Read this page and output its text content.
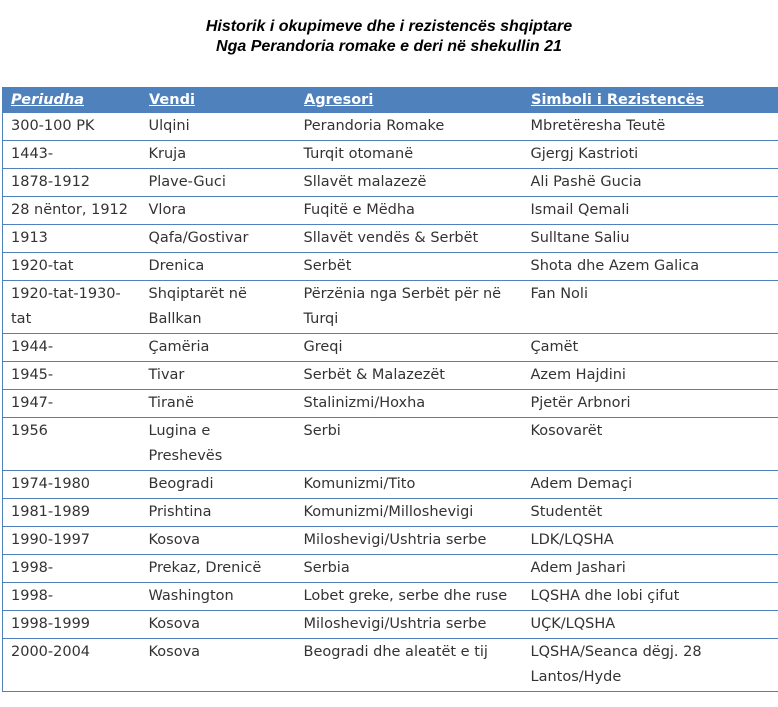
Historik i okupimeve dhe i rezistencës shqiptare
Nga Perandoria romake e deri në shekullin 21
Periudha	Vendi	Agresori	Simboli i Rezistencës
300-100 PK	Ulqini	Perandoria Romake	Mbretëresha Teutë
1443-	Kruja	Turqit otomanë	Gjergj Kastrioti
1878-1912	Plave-Guci	Sllavët malazezë	Ali Pashë Gucia
28 nëntor, 1912	Vlora	Fuqitë e Mëdha	Ismail Qemali
1913	Qafa/Gostivar	Sllavët vendës & Serbët	Sulltane Saliu
1920-tat	Drenica	Serbët	Shota dhe Azem Galica
1920-tat-1930-tat	Shqiptarët në Ballkan	Përzënia nga Serbët për në Turqi	Fan Noli
1944-	Çamëria	Greqi	Çamët
1945-	Tivar	Serbët & Malazezët	Azem Hajdini
1947-	Tiranë	Stalinizmi/Hoxha	Pjetër Arbnori
1956	Lugina e Preshevës	Serbi	Kosovarët
1974-1980	Beogradi	Komunizmi/Tito	Adem Demaçi
1981-1989	Prishtina	Komunizmi/Milloshevigi	Studentët
1990-1997	Kosova	Miloshevigi/Ushtria serbe	LDK/LQSHA
1998-	Prekaz, Drenicë	Serbia	Adem Jashari
1998-	Washington	Lobet greke, serbe dhe ruse	LQSHA dhe lobi çifut
1998-1999	Kosova	Miloshevigi/Ushtria serbe	UÇK/LQSHA
2000-2004	Kosova	Beogradi dhe aleatët e tij	LQSHA/Seanca dëgj. 28 Lantos/Hyde
